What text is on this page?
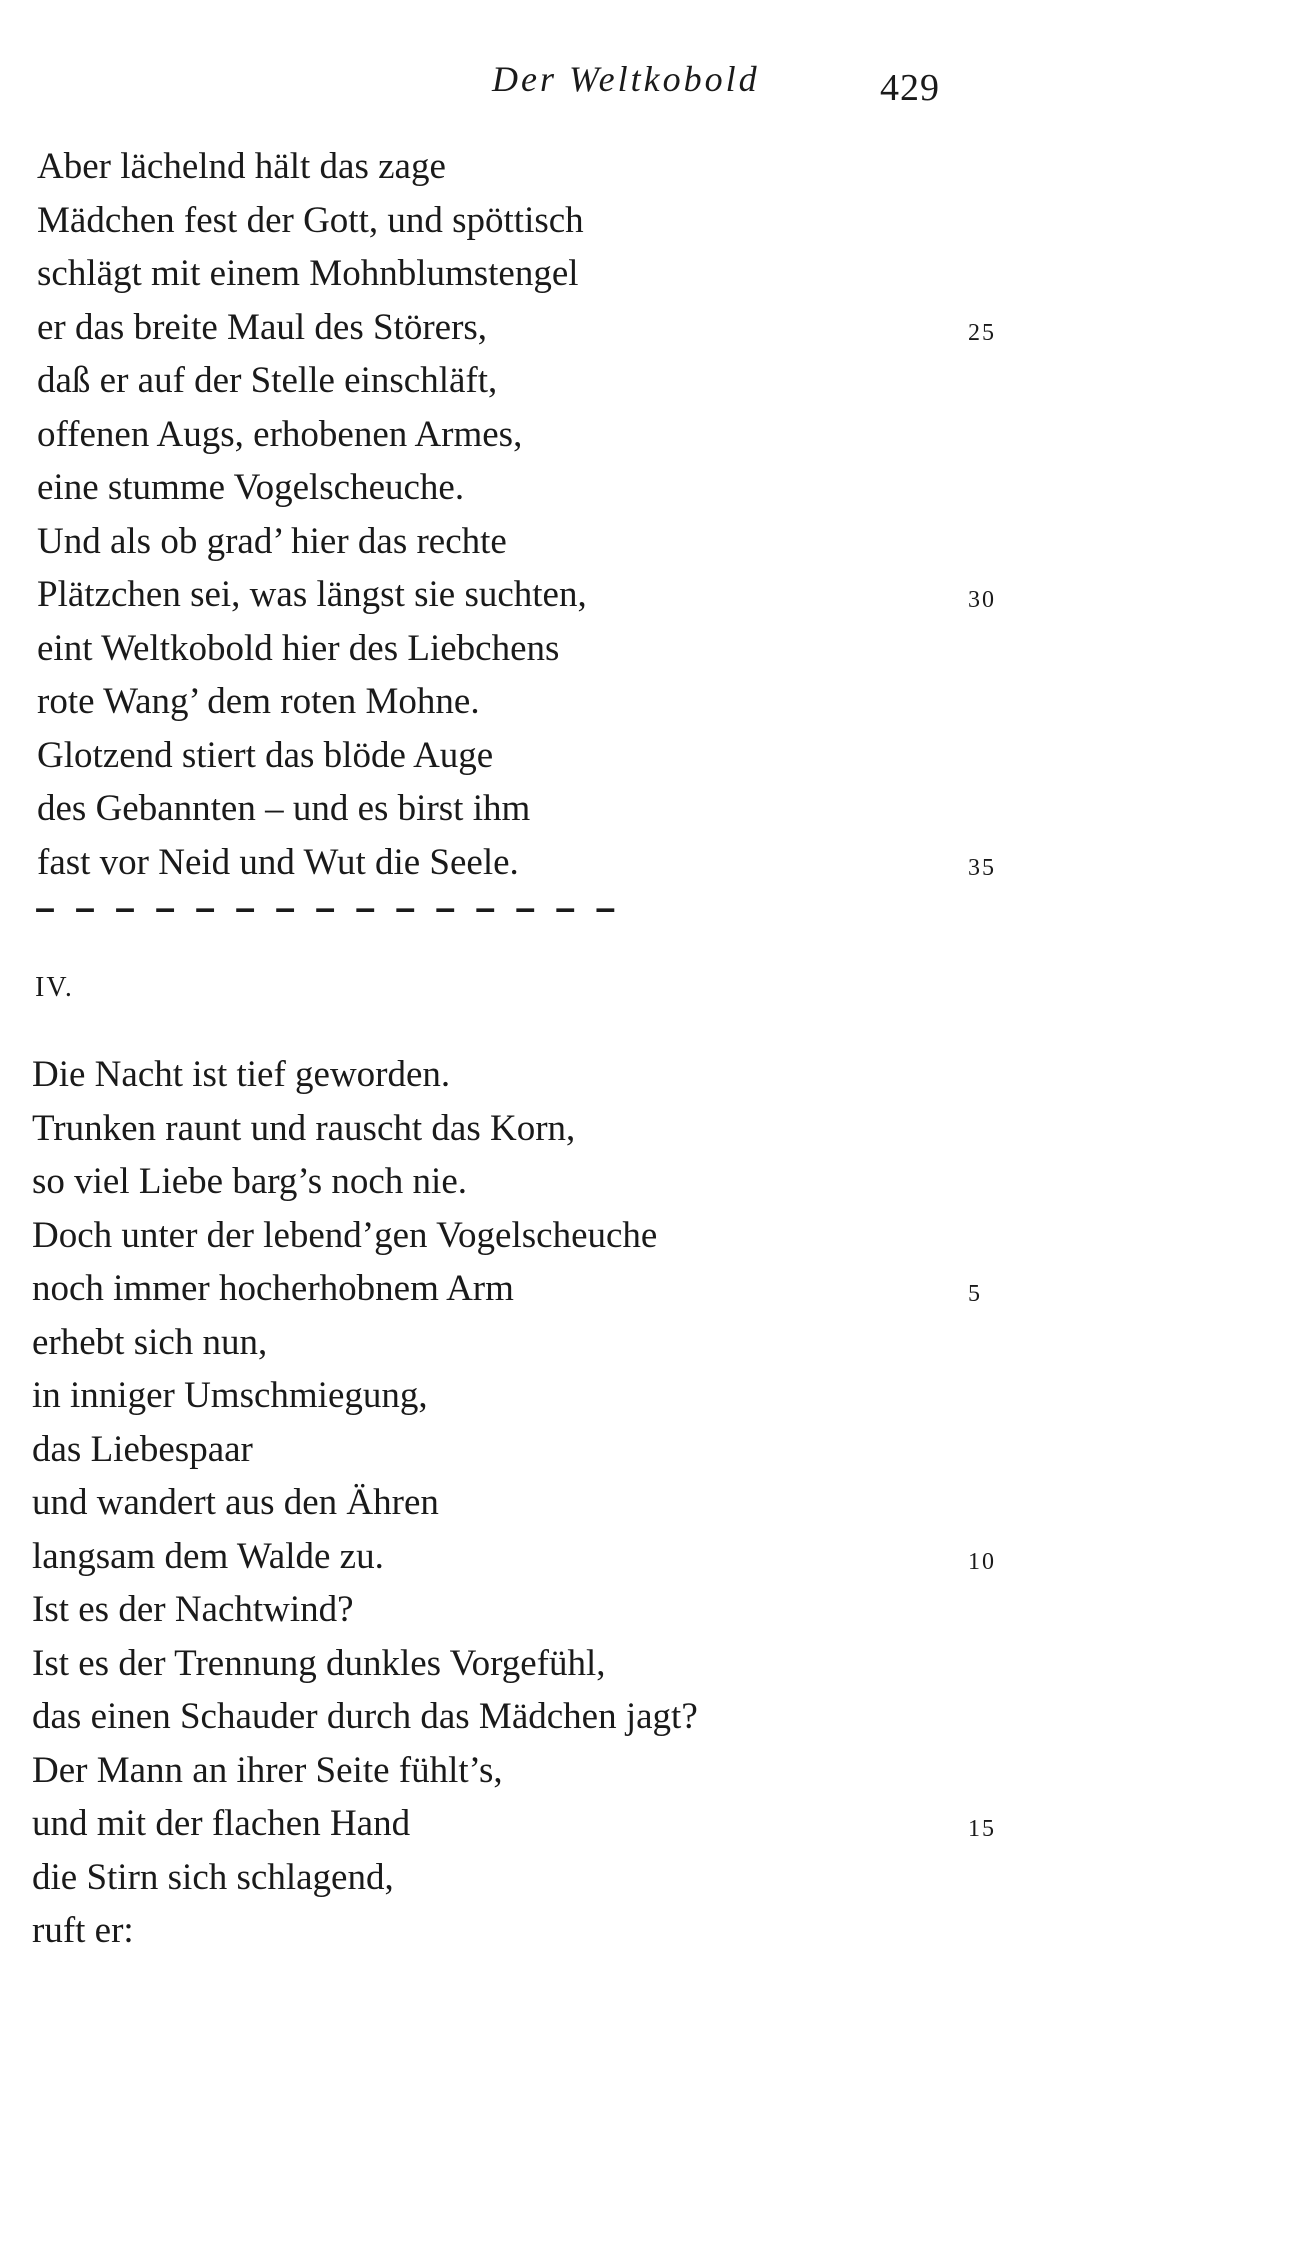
Der Weltkobold	429
Aber lächelnd hält das zage
Mädchen fest der Gott, und spöttisch
schlägt mit einem Mohnblumstengel
er das breite Maul des Störers,	25
daß er auf der Stelle einschläft,
offenen Augs, erhobenen Armes,
eine stumme Vogelscheuche.
Und als ob grad’ hier das rechte
Plätzchen sei, was längst sie suchten,	30
eint Weltkobold hier des Liebchens
rote Wang’ dem roten Mohne.
Glotzend stiert das blöde Auge
des Gebannten – und es birst ihm
fast vor Neid und Wut die Seele.	35
– – – – – – – – – – – – – – –
IV.
Die Nacht ist tief geworden.
Trunken raunt und rauscht das Korn,
so viel Liebe barg’s noch nie.
Doch unter der lebend’gen Vogelscheuche
noch immer hocherhobnem Arm	5
erhebt sich nun,
in inniger Umschmiegung,
das Liebespaar
und wandert aus den Ähren
langsam dem Walde zu.	10
Ist es der Nachtwind?
Ist es der Trennung dunkles Vorgefühl,
das einen Schauder durch das Mädchen jagt?
Der Mann an ihrer Seite fühlt’s,
und mit der flachen Hand	15
die Stirn sich schlagend,
ruft er:
